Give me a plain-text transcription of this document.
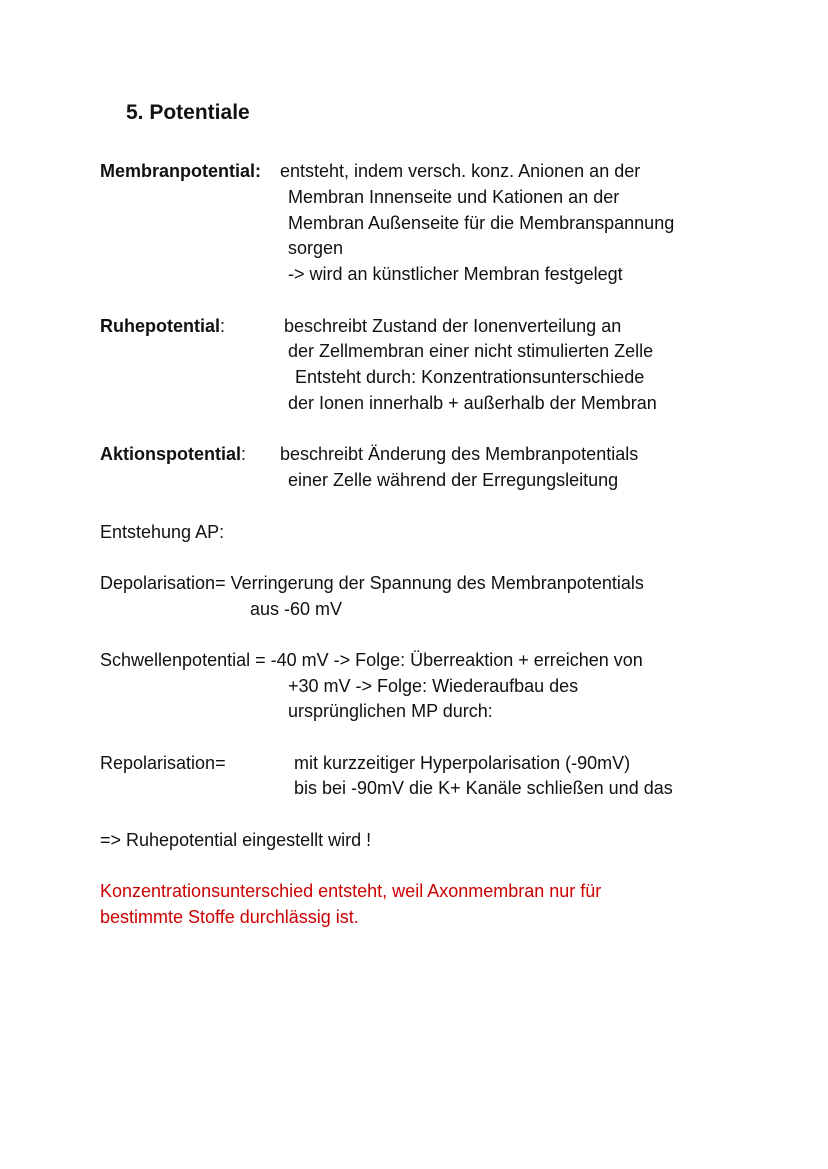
5. Potentiale
Membranpotential: entsteht, indem versch. konz. Anionen an der
Membran Innenseite und Kationen an der
Membran Außenseite für die Membranspannung
sorgen
-> wird an künstlicher Membran festgelegt
Ruhepotential:	beschreibt Zustand der Ionenverteilung an
der Zellmembran einer nicht stimulierten Zelle
Entsteht durch: Konzentrationsunterschiede
der Ionen innerhalb + außerhalb der Membran
Aktionspotential: beschreibt Änderung des Membranpotentials
einer Zelle während der Erregungsleitung
Entstehung AP:
Depolarisation= Verringerung der Spannung des Membranpotentials
aus -60 mV
Schwellenpotential = -40 mV -> Folge: Überreaktion + erreichen von
+30 mV -> Folge: Wiederaufbau des
ursprünglichen MP durch:
Repolarisation=	mit kurzzeitiger Hyperpolarisation (-90mV)
bis bei -90mV die K+ Kanäle schließen und das
=> Ruhepotential eingestellt wird !
Konzentrationsunterschied entsteht, weil Axonmembran nur für
bestimmte Stoffe durchlässig ist.
